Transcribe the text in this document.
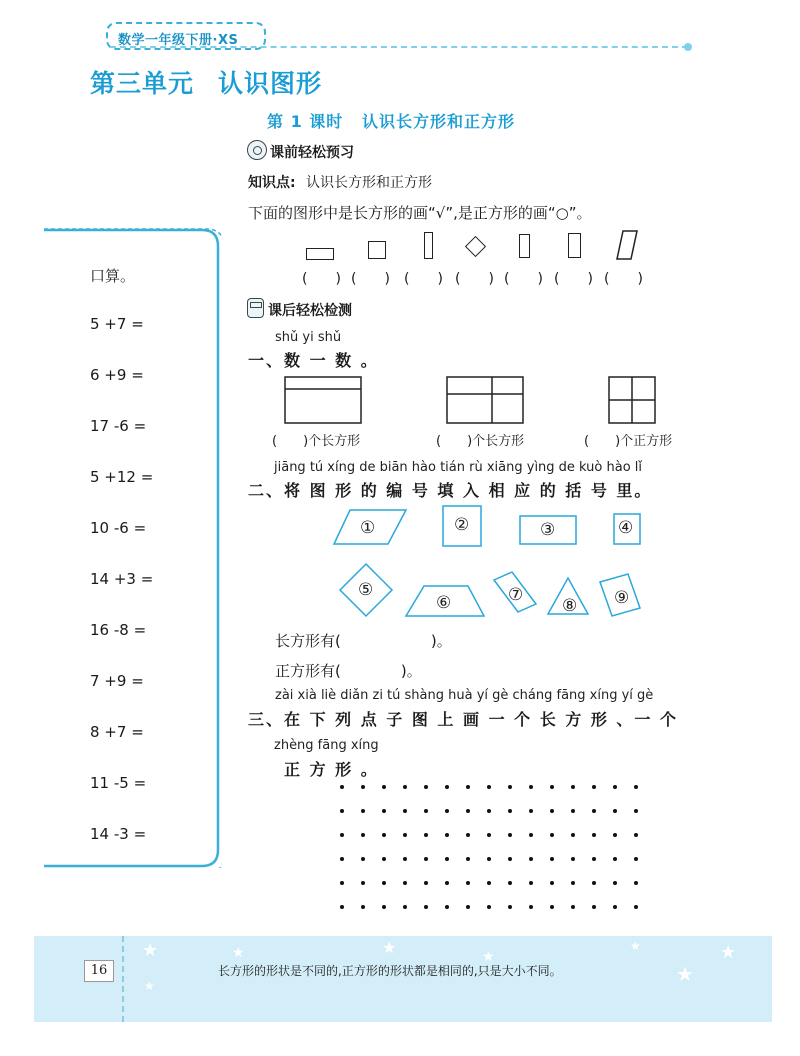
数学一年级下册·XS
第三单元 认识图形
第 1 课时 认识长方形和正方形
课前轻松预习
知识点: 认识长方形和正方形
下面的图形中是长方形的画“√”,是正方形的画“○”。
(　　) (　　) (　　) (　　) (　　) (　　) (　　)
口算。
5 +7 =
6 +9 =
17 -6 =
5 +12 =
10 -6 =
14 +3 =
16 -8 =
7 +9 =
8 +7 =
11 -5 =
14 -3 =
课后轻松检测
shǔ yi shǔ
一、数 一 数 。
(　　)个长方形	(　　)个长方形	(　　)个正方形
jiāng tú xíng de biān hào tián rù xiāng yìng de kuò hào lǐ
二、将 图 形 的 编 号 填 入 相 应 的 括 号 里。
①	②	③	④
⑤
⑥	⑦
⑧ ⑨
长方形有(　　　　　　)。
正方形有(　　　　)。
zài xià liè diǎn zi tú shàng huà yí gè cháng fāng xíng yí gè
三、在 下 列 点 子 图 上 画 一 个 长 方 形 、一 个
zhèng fāng xíng
正 方 形 。
★	★	★	★
★
★
★
★
16	长方形的形状是不同的,正方形的形状都是相同的,只是大小不同。
